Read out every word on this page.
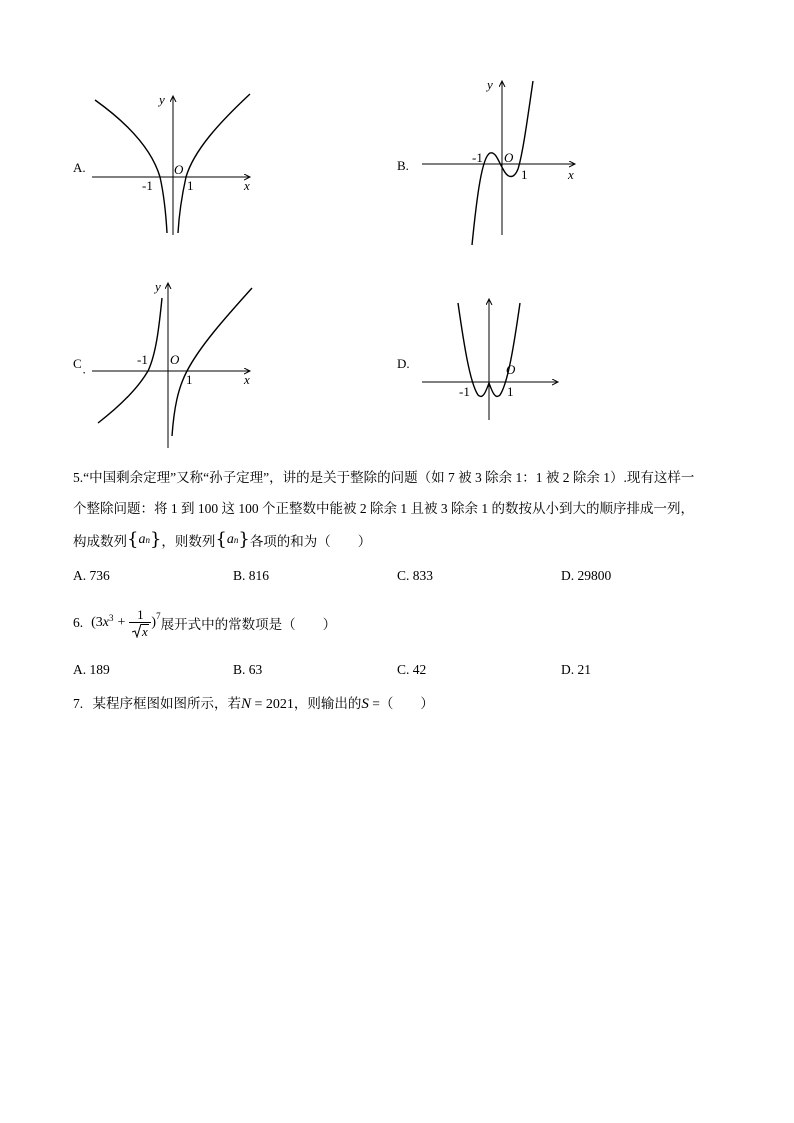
A.
y
x
O
-1	1
B.
y
x
O
-1
1
C
·
y
x
O
-1
1
D.	O
-1	1
5.“中国剩余定理”又称“孙子定理”，讲的是关于整除的问题（如 7 被 3 除余 1：1 被 2 除余 1）.现有这样一
个整除问题：将 1 到 100 这 100 个正整数中能被 2 除余 1 且被 3 除余 1 的数按从小到大的顺序排成一列，
构成数列 { a n } ，则数列 { a n } 各项的和为（　　）
A. 736	B. 816	C. 833	D. 29800
6. (3 $x^3$ +
1
x
)$^7$
展开式中的常数项是（　　）
A. 189	B. 63	C. 42	D. 21
7. 某程序框图如图所示，若N = 2021，则输出的S =（　　）
